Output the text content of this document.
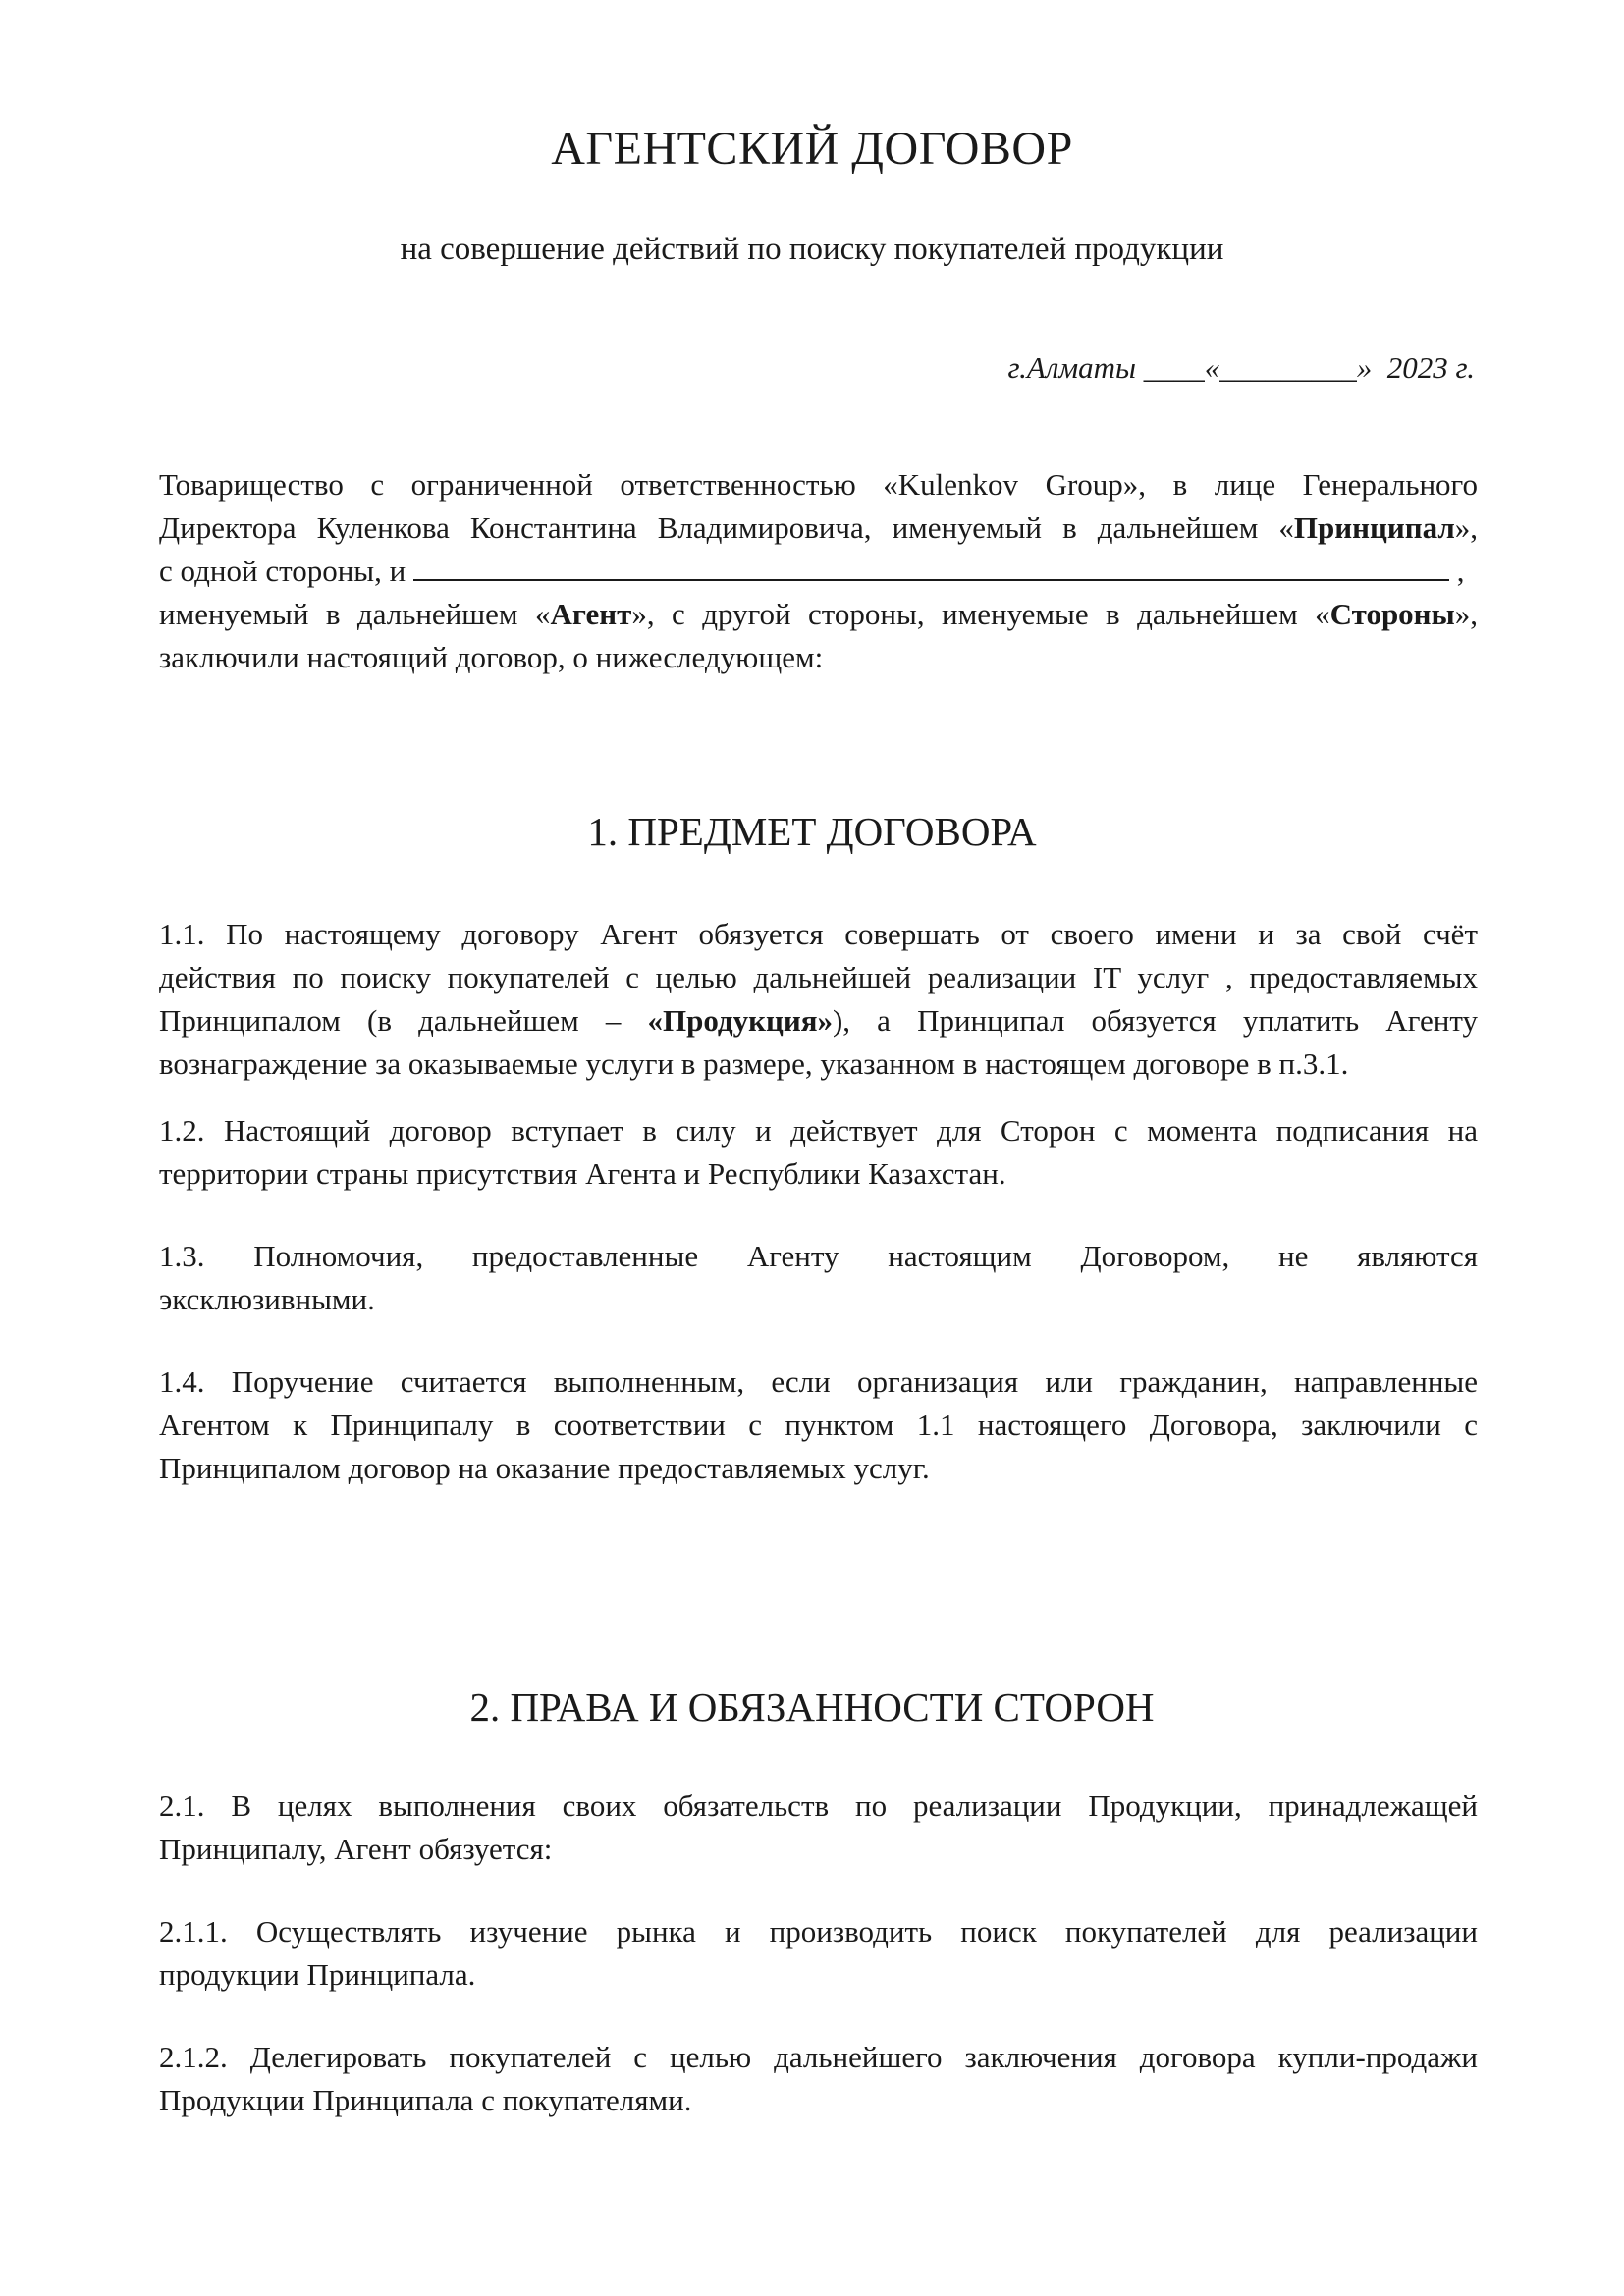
АГЕНТСКИЙ ДОГОВОР
на совершение действий по поиску покупателей продукции
г.Алматы ____«_________»  2023 г.
Товарищество с ограниченной ответственностью «Kulenkov Group», в лице Генерального
Директора Куленкова Константина Владимировича, именуемый в дальнейшем «Принципал»,
с одной стороны, и	,
именуемый в дальнейшем «Агент», с другой стороны, именуемые в дальнейшем «Стороны»,
заключили настоящий договор, о нижеследующем:
1. ПРЕДМЕТ ДОГОВОРА
1.1. По настоящему договору Агент обязуется совершать от своего имени и за свой счёт
действия по поиску покупателей с целью дальнейшей реализации IT услуг , предоставляемых
Принципалом (в дальнейшем – «Продукция»), а Принципал обязуется уплатить Агенту
вознаграждение за оказываемые услуги в размере, указанном в настоящем договоре в п.3.1.
1.2. Настоящий договор вступает в силу и действует для Сторон с момента подписания на
территории страны присутствия Агента и Республики Казахстан.
1.3. Полномочия, предоставленные Агенту настоящим Договором, не являются
эксклюзивными.
1.4. Поручение считается выполненным, если организация или гражданин, направленные
Агентом к Принципалу в соответствии с пунктом 1.1 настоящего Договора, заключили с
Принципалом договор на оказание предоставляемых услуг.
2. ПРАВА И ОБЯЗАННОСТИ СТОРОН
2.1. В целях выполнения своих обязательств по реализации Продукции, принадлежащей
Принципалу, Агент обязуется:
2.1.1. Осуществлять изучение рынка и производить поиск покупателей для реализации
продукции Принципала.
2.1.2. Делегировать покупателей с целью дальнейшего заключения договора купли-продажи
Продукции Принципала с покупателями.
